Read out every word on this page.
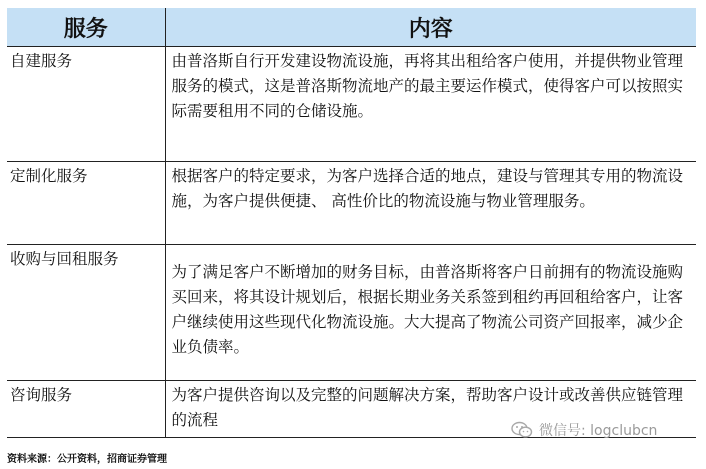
服务	内容
自建服务	由普洛斯自行开发建设物流设施，再将其出租给客户使用，并提供物业管理服务的模式，这是普洛斯物流地产的最主要运作模式，使得客户可以按照实际需要租用不同的仓储设施。
定制化服务	根据客户的特定要求，为客户选择合适的地点，建设与管理其专用的物流设施，为客户提供便捷、 高性价比的物流设施与物业管理服务。
收购与回租服务	为了满足客户不断增加的财务目标，由普洛斯将客户日前拥有的物流设施购买回来，将其设计规划后，根据长期业务关系签到租约再回租给客户，让客户继续使用这些现代化物流设施。大大提高了物流公司资产回报率，减少企业负债率。
咨询服务	为客户提供咨询以及完整的问题解决方案，帮助客户设计或改善供应链管理的流程
微信号: logclubcn
资料来源：公开资料，招商证券管理
